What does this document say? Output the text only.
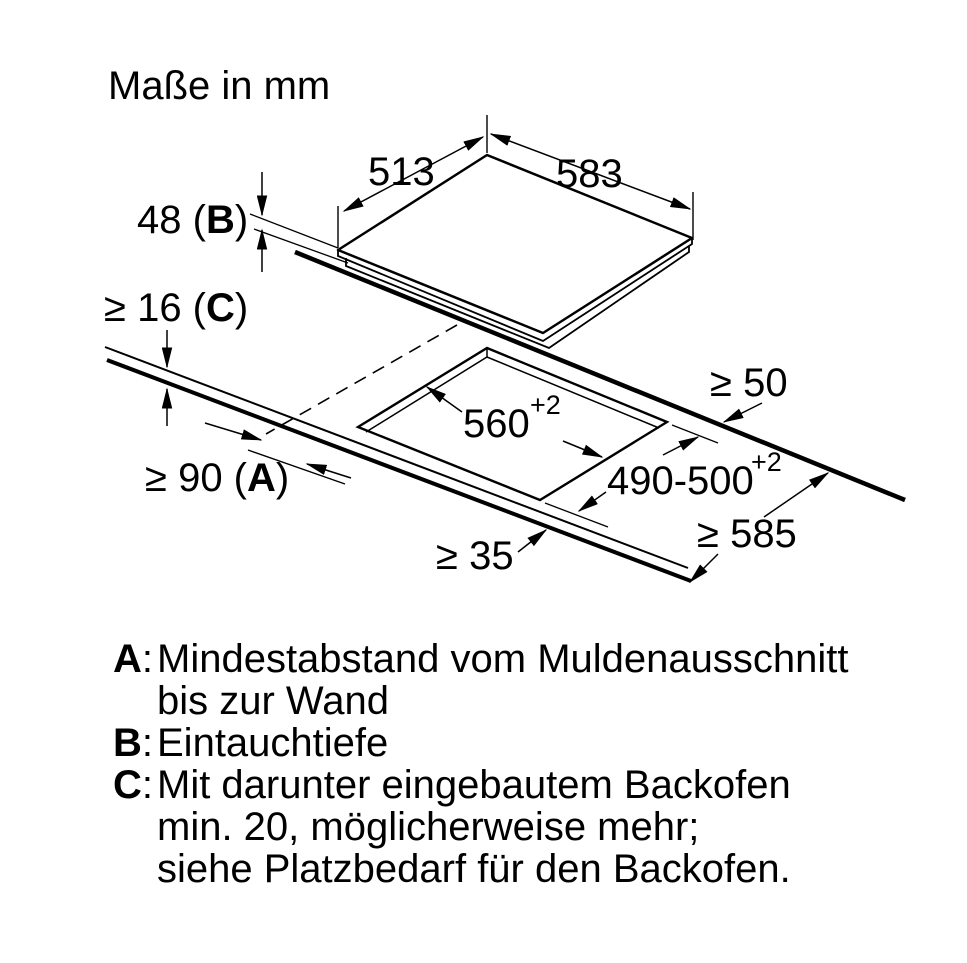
Maße in mm
513	583
48 (B)
≥ 16 (C)
≥ 90 (A)
≥ 50
≥ 585
≥ 35
560 +2
490-500
+2
A: Mindestabstand vom Muldenausschnitt
bis zur Wand
B: Eintauchtiefe
C: Mit darunter eingebautem Backofen
min. 20, möglicherweise mehr;
siehe Platzbedarf für den Backofen.
